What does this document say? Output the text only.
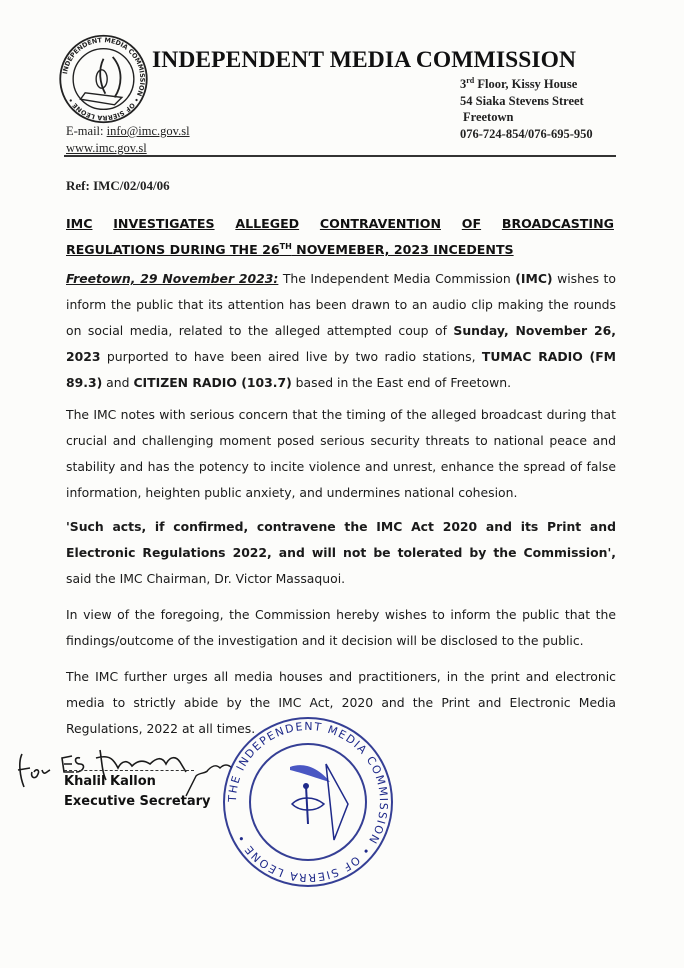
INDEPENDENT MEDIA COMMISSION • OF SIERRA LEONE •
INDEPENDENT MEDIA COMMISSION
3rd Floor, Kissy House
54 Siaka Stevens Street
Freetown
076-724-854/076-695-950
E-mail: info@imc.gov.sl
www.imc.gov.sl
Ref: IMC/02/04/06
IMC INVESTIGATES ALLEGED CONTRAVENTION OF BROADCASTING
REGULATIONS DURING THE 26TH NOVEMEBER, 2023 INCEDENTS

Freetown, 29 November 2023: The Independent Media Commission (IMC) wishes to inform the public that its attention has been drawn to an audio clip making the rounds on social media, related to the alleged attempted coup of Sunday, November 26, 2023 purported to have been aired live by two radio stations, TUMAC RADIO (FM 89.3) and CITIZEN RADIO (103.7) based in the East end of Freetown.

The IMC notes with serious concern that the timing of the alleged broadcast during that crucial and challenging moment posed serious security threats to national peace and stability and has the potency to incite violence and unrest, enhance the spread of false information, heighten public anxiety, and undermines national cohesion.

'Such acts, if confirmed, contravene the IMC Act 2020 and its Print and Electronic Regulations 2022, and will not be tolerated by the Commission', said the IMC Chairman, Dr. Victor Massaquoi.

In view of the foregoing, the Commission hereby wishes to inform the public that the findings/outcome of the investigation and it decision will be disclosed to the public.

The IMC further urges all media houses and practitioners, in the print and electronic media to strictly abide by the IMC Act, 2020 and the Print and Electronic Media Regulations, 2022 at all times.

for ES
Khalil Kallon
Executive Secretary THE INDEPENDENT MEDIA COMMISSION • OF SIERRA LEONE •
